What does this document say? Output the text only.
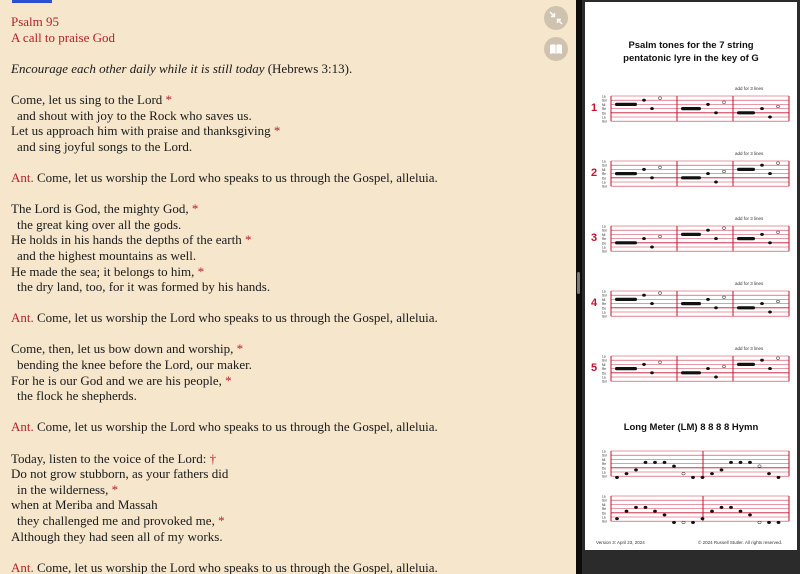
Psalm 95
A call to praise God
Encourage each other daily while it is still today (Hebrews 3:13).
Come, let us sing to the Lord *
and shout with joy to the Rock who saves us.
Let us approach him with praise and thanksgiving *
and sing joyful songs to the Lord.
Ant. Come, let us worship the Lord who speaks to us through the Gospel, alleluia.
The Lord is God, the mighty God, *
the great king over all the gods.
He holds in his hands the depths of the earth *
and the highest mountains as well.
He made the sea; it belongs to him, *
the dry land, too, for it was formed by his hands.
Ant. Come, let us worship the Lord who speaks to us through the Gospel, alleluia.
Come, then, let us bow down and worship, *
bending the knee before the Lord, our maker.
For he is our God and we are his people, *
the flock he shepherds.
Ant. Come, let us worship the Lord who speaks to us through the Gospel, alleluia.
Today, listen to the voice of the Lord: †
Do not grow stubborn, as your fathers did
in the wilderness, *
when at Meriba and Massah
they challenged me and provoked me, *
Although they had seen all of my works.
Ant. Come, let us worship the Lord who speaks to us through the Gospel, alleluia.
Psalm tones for the 7 string
pentatonic lyre in the key of G
1
add for 3 lines
La
Sol
Mi
Re
Do
La
Sol
2
add for 3 lines
La
Sol
Mi
Re
Do
La
Sol
3
add for 3 lines
La
Sol
Mi
Re
Do
La
Sol
4
add for 3 lines
La
Sol
Mi
Re
Do
La
Sol
5
add for 3 lines
La
Sol
Mi
Re
Do
La
Sol
Long Meter (LM) 8 8 8 8 Hymn
La
Sol
Mi
Re
Do
La
Sol
La
Sol
Mi
Re
Do
La
Sol
Version 3: April 23, 2024	© 2024 Russell Stutler. All rights reserved.
